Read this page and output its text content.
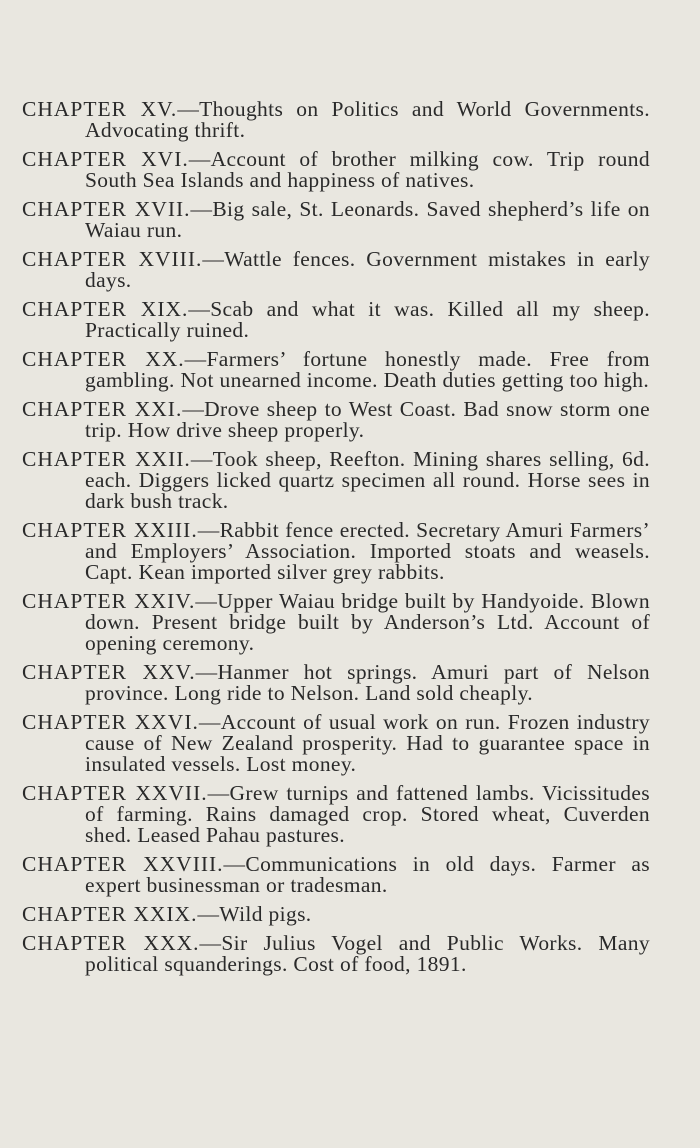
CHAPTER XV.—Thoughts on Politics and World Governments. Advocating thrift.
CHAPTER XVI.—Account of brother milking cow. Trip round South Sea Islands and happiness of natives.
CHAPTER XVII.—Big sale, St. Leonards. Saved shepherd’s life on Waiau run.
CHAPTER XVIII.—Wattle fences. Government mistakes in early days.
CHAPTER XIX.—Scab and what it was. Killed all my sheep. Practically ruined.
CHAPTER XX.—Farmers’ fortune honestly made. Free from gambling. Not unearned income. Death duties getting too high.
CHAPTER XXI.—Drove sheep to West Coast. Bad snow storm one trip. How drive sheep properly.
CHAPTER XXII.—Took sheep, Reefton. Mining shares selling, 6d. each. Diggers licked quartz specimen all round. Horse sees in dark bush track.
CHAPTER XXIII.—Rabbit fence erected. Secretary Amuri Farmers’ and Employers’ Association. Imported stoats and weasels. Capt. Kean imported silver grey rabbits.
CHAPTER XXIV.—Upper Waiau bridge built by Handyoide. Blown down. Present bridge built by Anderson’s Ltd. Account of opening ceremony.
CHAPTER XXV.—Hanmer hot springs. Amuri part of Nelson province. Long ride to Nelson. Land sold cheaply.
CHAPTER XXVI.—Account of usual work on run. Frozen industry cause of New Zealand prosperity. Had to guarantee space in insulated vessels. Lost money.
CHAPTER XXVII.—Grew turnips and fattened lambs. Vicissitudes of farming. Rains damaged crop. Stored wheat, Cuverden shed. Leased Pahau pastures.
CHAPTER XXVIII.—Communications in old days. Farmer as expert businessman or tradesman.
CHAPTER XXIX.—Wild pigs.
CHAPTER XXX.—Sir Julius Vogel and Public Works. Many political squanderings. Cost of food, 1891.
